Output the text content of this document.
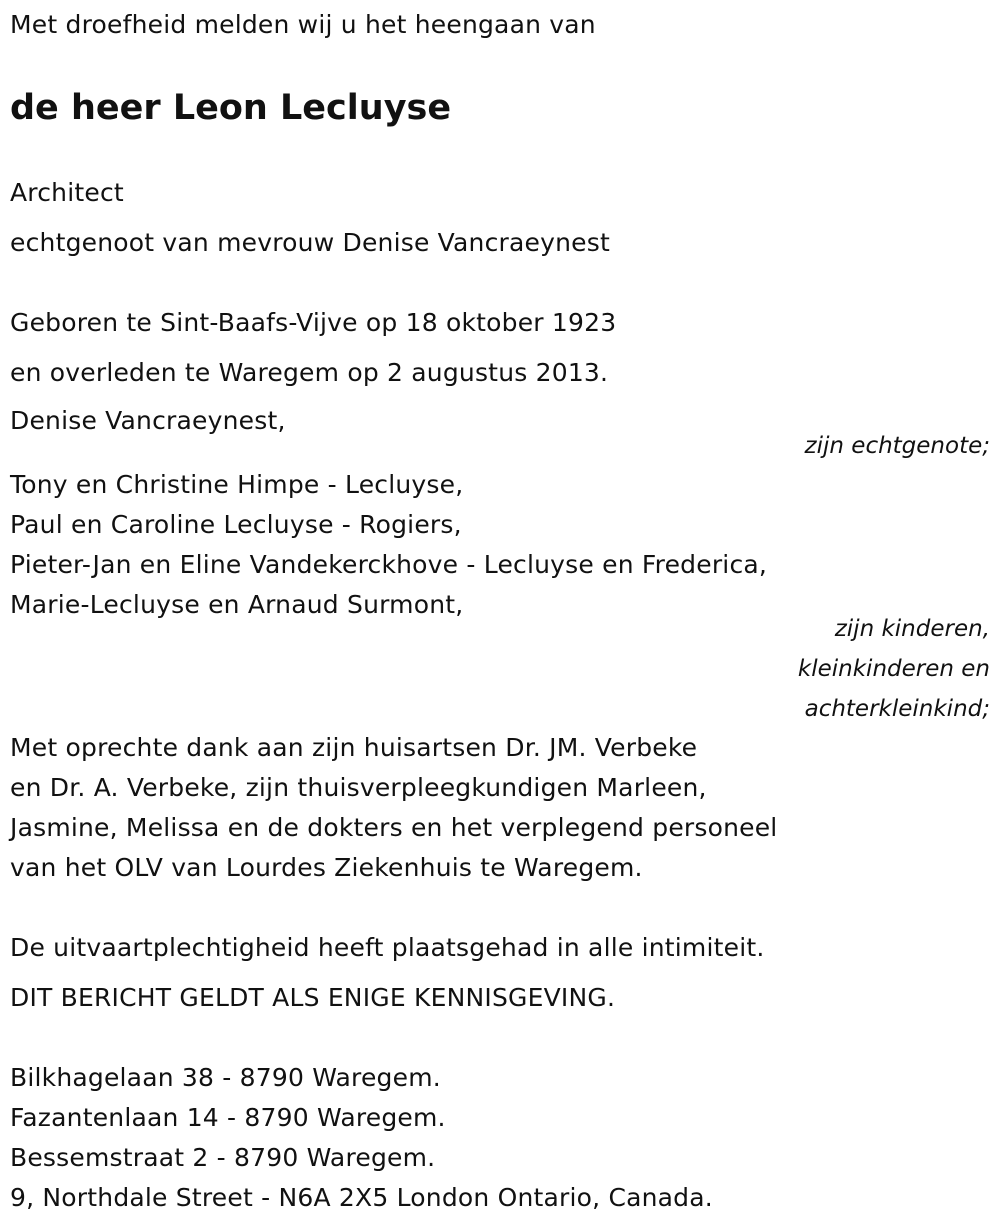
Met droefheid melden wij u het heengaan van
de heer Leon Lecluyse
Architect
echtgenoot van mevrouw Denise Vancraeynest
Geboren te Sint-Baafs-Vijve op 18 oktober 1923
en overleden te Waregem op 2 augustus 2013.
Denise Vancraeynest,
zijn echtgenote;
Tony en Christine Himpe - Lecluyse,
Paul en Caroline Lecluyse - Rogiers,
Pieter-Jan en Eline Vandekerckhove - Lecluyse en Frederica,
Marie-Lecluyse en Arnaud Surmont,
zijn kinderen,
kleinkinderen en
achterkleinkind;
Met oprechte dank aan zijn huisartsen Dr. JM. Verbeke
en Dr. A. Verbeke, zijn thuisverpleegkundigen Marleen,
Jasmine, Melissa en de dokters en het verplegend personeel
van het OLV van Lourdes Ziekenhuis te Waregem.
De uitvaartplechtigheid heeft plaatsgehad in alle intimiteit.
DIT BERICHT GELDT ALS ENIGE KENNISGEVING.
Bilkhagelaan 38 - 8790 Waregem.
Fazantenlaan 14 - 8790 Waregem.
Bessemstraat 2 - 8790 Waregem.
9, Northdale Street - N6A 2X5 London Ontario, Canada.
